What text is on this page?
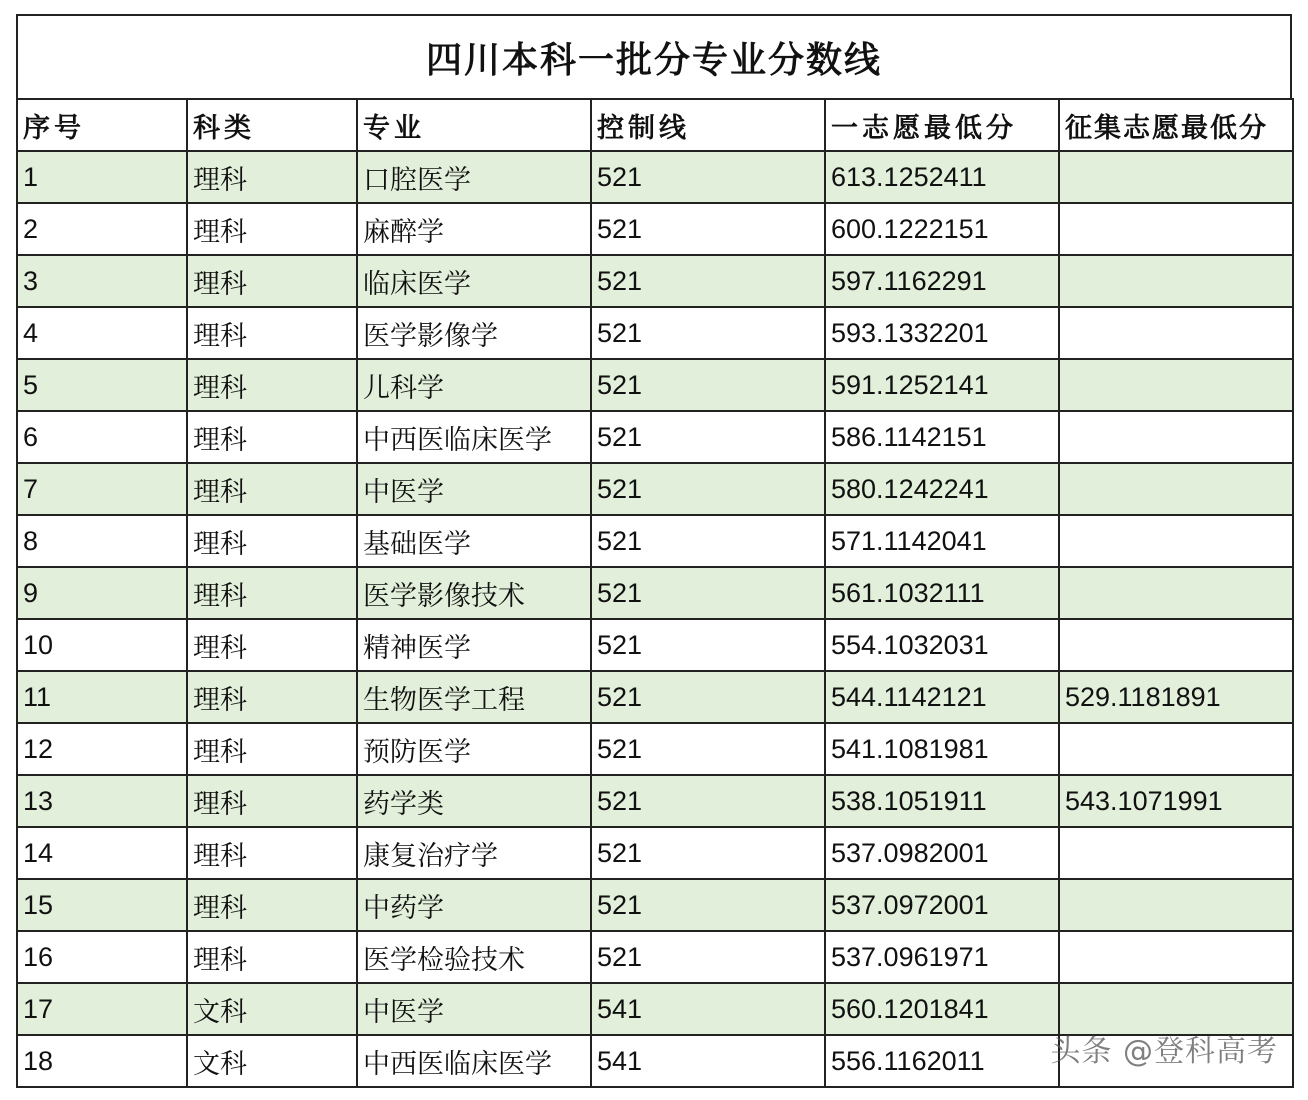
四川本科一批分专业分数线
序号	科类	专业	控制线	一志愿最低分	征集志愿最低分
1	理科	口腔医学	521	613.1252411	
2	理科	麻醉学	521	600.1222151	
3	理科	临床医学	521	597.1162291	
4	理科	医学影像学	521	593.1332201	
5	理科	儿科学	521	591.1252141	
6	理科	中西医临床医学	521	586.1142151	
7	理科	中医学	521	580.1242241	
8	理科	基础医学	521	571.1142041	
9	理科	医学影像技术	521	561.1032111	
10	理科	精神医学	521	554.1032031	
11	理科	生物医学工程	521	544.1142121	529.1181891
12	理科	预防医学	521	541.1081981	
13	理科	药学类	521	538.1051911	543.1071991
14	理科	康复治疗学	521	537.0982001	
15	理科	中药学	521	537.0972001	
16	理科	医学检验技术	521	537.0961971	
17	文科	中医学	541	560.1201841	
18	文科	中西医临床医学	541	556.1162011	头条 @登科高考
